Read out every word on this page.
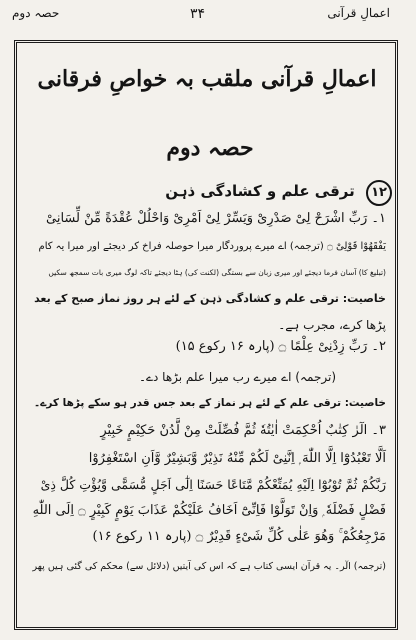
اعمالِ قرآنی
۳۴
حصہ دوم
اعمالِ قرآنی ملقب بہ خواصِ فرقانی
حصہ دوم
۱۲ ترقی علم و کشادگی ذہن
۱۔ رَبِّ اشْرَحْ لِیْ صَدْرِیْ وَیَسِّرْ لِیْ اَمْرِیْ وَاحْلُلْ عُقْدَةً مِّنْ لِّسَانِیْ
یَفْقَهُوْا قَوْلِیْ ۝ (ترجمہ) اے میرے پروردگار میرا حوصلہ فراخ کر دیجئے اور میرا یہ کام
(تبلیغ کا) آسان فرما دیجئے اور میری زبان سے بستگی (لکنت کی) ہٹا دیجئے تاکہ لوگ میری بات سمجھ سکیں
خاصیت: ترقی علم و کشادگی ذہن کے لئے ہر روز نماز صبح کے بعد
پڑھا کرے، مجرب ہے۔
۲۔ رَبِّ زِدْنِیْ عِلْمًا ۝ (پارہ ۱۶ رکوع ۱۵)
(ترجمہ) اے میرے رب میرا علم بڑھا دے۔
خاصیت: ترقی علم کے لئے ہر نماز کے بعد جس قدر ہو سکے پڑھا کرے۔
۳۔ الٓرٰ کِتٰبٌ اُحْكِمَتْ اٰیٰتُهٗ ثُمَّ فُصِّلَتْ مِنْ لَّدُنْ حَكِیْمٍ خَبِیْرٍ
اَلَّا تَعْبُدُوْٓا اِلَّا اللّٰهَ ۭ اِنَّنِیْ لَكُمْ مِّنْهُ نَذِیْرٌ وَّبَشِیْرٌ وَّاَنِ اسْتَغْفِرُوْا
رَبَّكُمْ ثُمَّ تُوْبُوْٓا اِلَیْهِ یُمَتِّعْكُمْ مَّتَاعًا حَسَنًا اِلٰٓى اَجَلٍ مُّسَمًّى وَّیُؤْتِ كُلَّ ذِیْ
فَضْلٍ فَضْلَهٗ ۭ وَاِنْ تَوَلَّوْا فَاِنِّیْٓ اَخَافُ عَلَیْكُمْ عَذَابَ یَوْمٍ كَبِیْرٍ ۝ اِلَى اللّٰهِ
مَرْجِعُكُمْ ۚ وَهُوَ عَلٰی كُلِّ شَیْءٍ قَدِیْرٌ ۝ (پارہ ۱۱ رکوع ۱۶)
(ترجمہ) الٓر۔ یہ قرآن ایسی کتاب ہے کہ اس کی آیتیں (دلائل سے) محکم کی گئی ہیں پھر
